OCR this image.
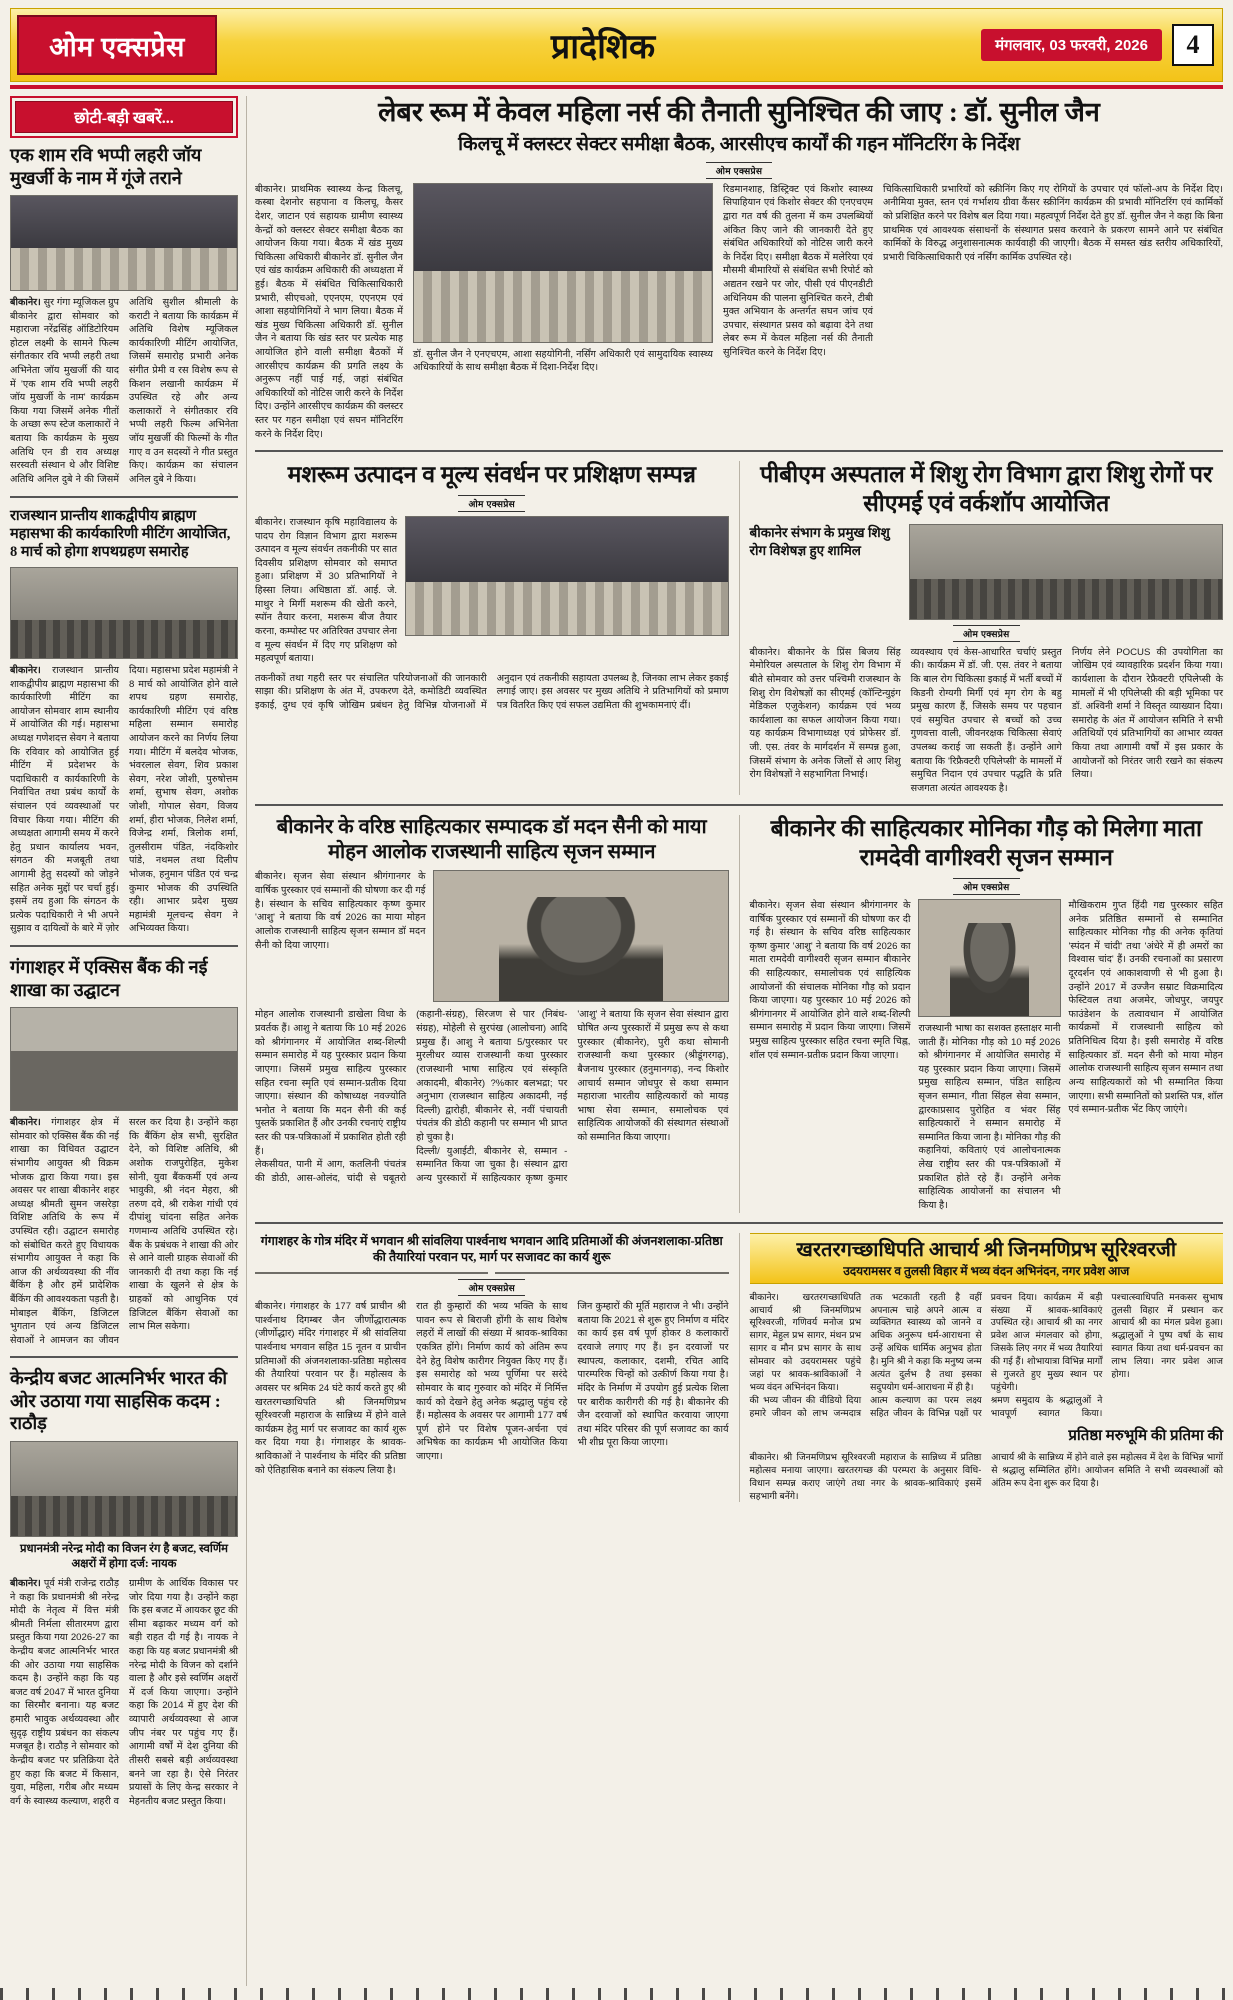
ओम एक्सप्रेस	प्रादेशिक	मंगलवार, 03 फरवरी, 2026	4
छोटी-बड़ी खबरें...
एक शाम रवि भप्पी लहरी जॉय मुखर्जी के नाम में गूंजे तराने
बीकानेर। सुर गंगा म्यूजिकल ग्रुप बीकानेर द्वारा सोमवार को महाराजा नरेंद्रसिंह ऑडिटोरियम होटल लक्ष्मी के सामने फिल्म संगीतकार रवि भप्पी लहरी तथा अभिनेता जॉय मुखर्जी की याद में 'एक शाम रवि भप्पी लहरी जॉय मुखर्जी के नाम' कार्यक्रम किया गया जिसमें अनेक गीतों के अच्छा रूप स्टेज कलाकारों ने बताया कि कार्यक्रम के मुख्य अतिथि एन डी राव अध्यक्ष सरस्वती संस्थान थे और विशिष्ट अतिथि अनिल दुबे ने की जिसमें अतिथि सुशील श्रीमाली के कराटी ने बताया कि कार्यक्रम में अतिथि विशेष म्यूजिकल कार्यकारिणी मीटिंग आयोजित, जिसमें समारोह प्रभारी अनेक संगीत प्रेमी व रस विशेष रूप से किशन लखानी कार्यक्रम में उपस्थित रहे और अन्य कलाकारों ने संगीतकार रवि भप्पी लहरी फिल्म अभिनेता जॉय मुखर्जी की फिल्मों के गीत गाए व उन सदस्यों ने गीत प्रस्तुत किए। कार्यक्रम का संचालन अनिल दुबे ने किया।
राजस्थान प्रान्तीय शाकद्वीपीय ब्राह्मण महासभा की कार्यकारिणी मीटिंग आयोजित, 8 मार्च को होगा शपथग्रहण समारोह
बीकानेर। राजस्थान प्रान्तीय शाकद्वीपीय ब्राह्मण महासभा की कार्यकारिणी मीटिंग का आयोजन सोमवार शाम स्थानीय में आयोजित की गई। महासभा अध्यक्ष गणेशदत्त सेवग ने बताया कि रविवार को आयोजित हुई मीटिंग में प्रदेशभर के पदाधिकारी व कार्यकारिणी के निर्वाचित तथा प्रबंध कार्यों के संचालन एवं व्यवस्थाओं पर विचार किया गया। मीटिंग की अध्यक्षता आगामी समय में करने हेतु प्रधान कार्यालय भवन, संगठन की मजबूती तथा आगामी हेतु सदस्यों को जोड़ने सहित अनेक मुद्दों पर चर्चा हुई। इसमें तय हुआ कि संगठन के प्रत्येक पदाधिकारी ने भी अपने सुझाव व दायित्वों के बारे में ज़ोर दिया। महासभा प्रदेश महामंत्री ने 8 मार्च को आयोजित होने वाले शपथ ग्रहण समारोह, कार्यकारिणी मीटिंग एवं वरिष्ठ महिला सम्मान समारोह आयोजन करने का निर्णय लिया गया। मीटिंग में बलदेव भोजक, भंवरलाल सेवग, शिव प्रकाश सेवग, नरेश जोशी, पुरुषोत्तम शर्मा, सुभाष सेवग, अशोक जोशी, गोपाल सेवग, विजय शर्मा, हीरा भोजक, निलेश शर्मा, विजेन्द्र शर्मा, त्रिलोक शर्मा, तुलसीराम पंडित, नंदकिशोर पांडे, नथमल तथा दिलीप भोजक, हनुमान पंडित एवं चन्द्र कुमार भोजक की उपस्थिति रही। आभार प्रदेश मुख्य महामंत्री मूलचन्द सेवग ने अभिव्यक्त किया।
गंगाशहर में एक्सिस बैंक की नई शाखा का उद्घाटन
बीकानेर। गंगाशहर क्षेत्र में सोमवार को एक्सिस बैंक की नई शाखा का विधिवत उद्घाटन संभागीय आयुक्त श्री विक्रम भोजक द्वारा किया गया। इस अवसर पर शाखा बीकानेर शहर अध्यक्ष श्रीमती सुमन जसरेड़ा विशिष्ट अतिथि के रूप में उपस्थित रही। उद्घाटन समारोह को संबोधित करते हुए विधायक संभागीय आयुक्त ने कहा कि आज की अर्थव्यवस्था की नींव बैंकिंग है और हमें प्रादेशिक बैंकिंग की आवश्यकता पड़ती है। मोबाइल बैंकिंग, डिजिटल भुगतान एवं अन्य डिजिटल सेवाओं ने आमजन का जीवन सरल कर दिया है। उन्होंने कहा कि बैंकिंग क्षेत्र सभी, सुरक्षित देने, को विशिष्ट अतिथि, श्री अशोक राजपुरोहित, मुकेश सोनी, युवा बैंककर्मी एवं अन्य भावुकी, श्री नंदन मेहरा, श्री तरुण दवे, श्री राकेश गांधी एवं दीपांशु चांदना सहित अनेक गणमान्य अतिथि उपस्थित रहे। बैंक के प्रबंधक ने शाखा की ओर से आने वाली ग्राहक सेवाओं की जानकारी दी तथा कहा कि नई शाखा के खुलने से क्षेत्र के ग्राहकों को आधुनिक एवं डिजिटल बैंकिंग सेवाओं का लाभ मिल सकेगा।
केन्द्रीय बजट आत्मनिर्भर भारत की ओर उठाया गया साहसिक कदम : राठौड़
प्रधानमंत्री नरेन्द्र मोदी का विजन रंग है बजट, स्वर्णिम अक्षरों में होगा दर्ज: नायक
बीकानेर। पूर्व मंत्री राजेन्द्र राठौड़ ने कहा कि प्रधानमंत्री श्री नरेन्द्र मोदी के नेतृत्व में वित्त मंत्री श्रीमती निर्मला सीतारमण द्वारा प्रस्तुत किया गया 2026-27 का केन्द्रीय बजट आत्मनिर्भर भारत की ओर उठाया गया साहसिक कदम है। उन्होंने कहा कि यह बजट वर्ष 2047 में भारत दुनिया का सिरमौर बनाना। यह बजट हमारी भावुक अर्थव्यवस्था और सुदृढ़ राष्ट्रीय प्रबंधन का संकल्प मजबूत है। राठौड़ ने सोमवार को केन्द्रीय बजट पर प्रतिक्रिया देते हुए कहा कि बजट में किसान, युवा, महिला, गरीब और मध्यम वर्ग के स्वास्थ्य कल्याण, शहरी व ग्रामीण के आर्थिक विकास पर जोर दिया गया है। उन्होंने कहा कि इस बजट में आयकर छूट की सीमा बढ़ाकर मध्यम वर्ग को बड़ी राहत दी गई है। नायक ने कहा कि यह बजट प्रधानमंत्री श्री नरेन्द्र मोदी के विजन को दर्शाने वाला है और इसे स्वर्णिम अक्षरों में दर्ज किया जाएगा। उन्होंने कहा कि 2014 में हुए देश की व्यापारी अर्थव्यवस्था से आज जीप नंबर पर पहुंच गए हैं। आगामी वर्षों में देश दुनिया की तीसरी सबसे बड़ी अर्थव्यवस्था बनने जा रहा है। ऐसे निरंतर प्रयासों के लिए केन्द्र सरकार ने मेहनतीय बजट प्रस्तुत किया।
लेबर रूम में केवल महिला नर्स की तैनाती सुनिश्चित की जाए : डॉ. सुनील जैन
किलचू में क्लस्टर सेक्टर समीक्षा बैठक, आरसीएच कार्यों की गहन मॉनिटरिंग के निर्देश
ओम एक्सप्रेस
बीकानेर। प्राथमिक स्वास्थ्य केन्द्र किलचू, कस्बा देशनोर सहपाना व किलचू, कैसर देशर, जाटान एवं सहायक ग्रामीण स्वास्थ्य केन्द्रों को क्लस्टर सेक्टर समीक्षा बैठक का आयोजन किया गया। बैठक में खंड मुख्य चिकित्सा अधिकारी बीकानेर डॉ. सुनील जैन एवं खंड कार्यक्रम अधिकारी की अध्यक्षता में हुई। बैठक में संबंधित चिकित्साधिकारी प्रभारी, सीएचओ, एएनएम, एएनएम एवं आशा सहयोगिनियों ने भाग लिया। बैठक में खंड मुख्य चिकित्सा अधिकारी डॉ. सुनील जैन ने बताया कि खंड स्तर पर प्रत्येक माह आयोजित होने वाली समीक्षा बैठकों में आरसीएच कार्यक्रम की प्रगति लक्ष्य के अनुरूप नहीं पाई गई, जहां संबंधित अधिकारियों को नोटिस जारी करने के निर्देश दिए। उन्होंने आरसीएच कार्यक्रम की क्लस्टर स्तर पर गहन समीक्षा एवं सघन मॉनिटरिंग करने के निर्देश दिए।
डॉ. सुनील जैन ने एनएचएम, आशा सहयोगिनी, नर्सिंग अधिकारी एवं सामुदायिक स्वास्थ्य अधिकारियों के साथ समीक्षा बैठक में दिशा-निर्देश दिए।
रिडमानशाह, डिस्ट्रिक्ट एवं किशोर स्वास्थ्य सिपाहियान एवं किशोर सेक्टर की एनएचएम द्वारा गत वर्ष की तुलना में कम उपलब्धियों अंकित किए जाने की जानकारी देते हुए संबंधित अधिकारियों को नोटिस जारी करने के निर्देश दिए। समीक्षा बैठक में मलेरिया एवं मौसमी बीमारियों से संबंधित सभी रिपोर्ट को अद्यतन रखने पर जोर, पीसी एवं पीएनडीटी अधिनियम की पालना सुनिश्चित करने, टीबी मुक्त अभियान के अन्तर्गत सघन जांच एवं उपचार, संस्थागत प्रसव को बढ़ावा देने तथा लेबर रूम में केवल महिला नर्स की तैनाती सुनिश्चित करने के निर्देश दिए।
चिकित्साधिकारी प्रभारियों को स्क्रीनिंग किए गए रोगियों के उपचार एवं फॉलो-अप के निर्देश दिए। अनीमिया मुक्त, स्तन एवं गर्भाशय ग्रीवा कैंसर स्क्रीनिंग कार्यक्रम की प्रभावी मॉनिटरिंग एवं कार्मिकों को प्रशिक्षित करने पर विशेष बल दिया गया। महत्वपूर्ण निर्देश देते हुए डॉ. सुनील जैन ने कहा कि बिना प्राथमिक एवं आवश्यक संसाधनों के संस्थागत प्रसव करवाने के प्रकरण सामने आने पर संबंधित कार्मिकों के विरुद्ध अनुशासनात्मक कार्यवाही की जाएगी। बैठक में समस्त खंड स्तरीय अधिकारियों, प्रभारी चिकित्साधिकारी एवं नर्सिंग कार्मिक उपस्थित रहे।
मशरूम उत्पादन व मूल्य संवर्धन पर प्रशिक्षण सम्पन्न
ओम एक्सप्रेस
बीकानेर। राजस्थान कृषि महाविद्यालय के पादप रोग विज्ञान विभाग द्वारा मशरूम उत्पादन व मूल्य संवर्धन तकनीकी पर सात दिवसीय प्रशिक्षण सोमवार को समाप्त हुआ। प्रशिक्षण में 30 प्रतिभागियों ने हिस्सा लिया। अधिष्ठाता डॉ. आई. जे. माथुर ने मिर्गी मशरूम की खेती करने, स्पॉन तैयार करना, मशरूम बीज तैयार करना, कम्पोस्ट पर अतिरिक्त उपचार लेना व मूल्य संवर्धन में दिए गए प्रशिक्षण को महत्वपूर्ण बताया।
तकनीकों तथा गहरी स्तर पर संचालित परियोजनाओं की जानकारी साझा की। प्रशिक्षण के अंत में, उपकरण देते, कमोडिटी व्यवस्थित इकाई, दुग्ध एवं कृषि जोखिम प्रबंधन हेतु विभिन्न योजनाओं में अनुदान एवं तकनीकी सहायता उपलब्ध है, जिनका लाभ लेकर इकाई लगाई जाए। इस अवसर पर मुख्य अतिथि ने प्रतिभागियों को प्रमाण पत्र वितरित किए एवं सफल उद्यमिता की शुभकामनाएं दीं।
पीबीएम अस्पताल में शिशु रोग विभाग द्वारा शिशु रोगों पर सीएमई एवं वर्कशॉप आयोजित
बीकानेर संभाग के प्रमुख शिशु रोग विशेषज्ञ हुए शामिल
ओम एक्सप्रेस
बीकानेर। बीकानेर के प्रिंस बिजय सिंह मेमोरियल अस्पताल के शिशु रोग विभाग में बीते सोमवार को उत्तर पश्चिमी राजस्थान के शिशु रोग विशेषज्ञों का सीएमई (कॉन्टिन्युइंग मेडिकल एजुकेशन) कार्यक्रम एवं भव्य कार्यशाला का सफल आयोजन किया गया। यह कार्यक्रम विभागाध्यक्ष एवं प्रोफेसर डॉ. जी. एस. तंवर के मार्गदर्शन में सम्पन्न हुआ, जिसमें संभाग के अनेक जिलों से आए शिशु रोग विशेषज्ञों ने सहभागिता निभाई।
व्यवस्थाय एवं केस-आधारित चर्चाएं प्रस्तुत की। कार्यक्रम में डॉ. जी. एस. तंवर ने बताया कि बाल रोग चिकित्सा इकाई में भर्ती बच्चों में किडनी रोग्यगी मिर्गी एवं मृग रोग के बहु प्रमुख कारण हैं, जिसके समय पर पहचान एवं समुचित उपचार से बच्चों को उच्च गुणवत्ता वाली, जीवनरक्षक चिकित्सा सेवाएं उपलब्ध कराई जा सकती हैं। उन्होंने आगे बताया कि 'रिफ्रैक्टरी एपिलेप्सी' के मामलों में समुचित निदान एवं उपचार पद्धति के प्रति सजगता अत्यंत आवश्यक है।
निर्णय लेने POCUS की उपयोगिता का जोखिम एवं व्यावहारिक प्रदर्शन किया गया। कार्यशाला के दौरान रेफ्रैक्टरी एपिलेप्सी के मामलों में भी एपिलेप्सी की बड़ी भूमिका पर डॉ. अश्विनी शर्मा ने विस्तृत व्याख्यान दिया। समारोह के अंत में आयोजन समिति ने सभी अतिथियों एवं प्रतिभागियों का आभार व्यक्त किया तथा आगामी वर्षों में इस प्रकार के आयोजनों को निरंतर जारी रखने का संकल्प लिया।
बीकानेर के वरिष्ठ साहित्यकार सम्पादक डॉ मदन सैनी को माया मोहन आलोक राजस्थानी साहित्य सृजन सम्मान
बीकानेर। सृजन सेवा संस्थान श्रीगंगानगर के वार्षिक पुरस्कार एवं सम्मानों की घोषणा कर दी गई है। संस्थान के सचिव साहित्यकार कृष्ण कुमार 'आशु' ने बताया कि वर्ष 2026 का माया मोहन आलोक राजस्थानी साहित्य सृजन सम्मान डॉ मदन सैनी को दिया जाएगा।
मोहन आलोक राजस्थानी डाखेला विधा के प्रवर्तक हैं। आशु ने बताया कि 10 मई 2026 को श्रीगंगानगर में आयोजित शब्द-शिल्पी सम्मान समारोह में यह पुरस्कार प्रदान किया जाएगा। जिसमें प्रमुख साहित्य पुरस्कार सहित रचना स्मृति एवं सम्मान-प्रतीक दिया जाएगा। संस्थान की कोषाध्यक्ष नवज्योति भनोत ने बताया कि मदन सैनी की कई पुस्तकें प्रकाशित हैं और उनकी रचनाएं राष्ट्रीय स्तर की पत्र-पत्रिकाओं में प्रकाशित होती रही हैं।
लेकसीयत, पानी में आग, कतलिनी पंचतंत्र की डोठी, आस-ओलंद, चांदी से चबूतरो (कहानी-संग्रह), सिरजण से पार (निबंध-संग्रह), मोहेली से सुरपंख (आलोचना) आदि प्रमुख हैं। आशु ने बताया 5/पुरस्कार पर मुरलीधर व्यास राजस्थानी कथा पुरस्कार (राजस्थानी भाषा साहित्य एवं संस्कृति अकादमी, बीकानेर) ?%कार बलभद्रा; पर अनुभाग (राजस्थान साहित्य अकादमी, नई दिल्ली) द्वारोही, बीकानेर से, नवीं पंचायती पंचतंत्र की डोठी कहानी पर सम्मान भी प्राप्त हो चुका है।
दिल्ली/ युआईटी, बीकानेर से, सम्मान - सम्मानित किया जा चुका है। संस्थान द्वारा अन्य पुरस्कारों में साहित्यकार कृष्ण कुमार 'आशु' ने बताया कि सृजन सेवा संस्थान द्वारा घोषित अन्य पुरस्कारों में प्रमुख रूप से कथा पुरस्कार (बीकानेर), पुरी कथा सोमानी राजस्थानी कथा पुरस्कार (श्रीडूंगरगढ़), बैजनाथ पुरस्कार (हनुमानगढ़), नन्द किशोर आचार्य सम्मान जोधपुर से कथा सम्मान महाराजा भारतीय साहित्यकारों को मायड़ भाषा सेवा सम्मान, समालोचक एवं साहित्यिक आयोजकों की संस्थागत संस्थाओं को सम्मानित किया जाएगा।
बीकानेर की साहित्यकार मोनिका गौड़ को मिलेगा माता रामदेवी वागीश्वरी सृजन सम्मान
ओम एक्सप्रेस
बीकानेर। सृजन सेवा संस्थान श्रीगंगानगर के वार्षिक पुरस्कार एवं सम्मानों की घोषणा कर दी गई है। संस्थान के सचिव वरिष्ठ साहित्यकार कृष्ण कुमार 'आशु' ने बताया कि वर्ष 2026 का माता रामदेवी वागीश्वरी सृजन सम्मान बीकानेर की साहित्यकार, समालोचक एवं साहित्यिक आयोजनों की संचालक मोनिका गौड़ को प्रदान किया जाएगा। यह पुरस्कार 10 मई 2026 को श्रीगंगानगर में आयोजित होने वाले शब्द-शिल्पी सम्मान समारोह में प्रदान किया जाएगा। जिसमें प्रमुख साहित्य पुरस्कार सहित रचना स्मृति चिह्न, शॉल एवं सम्मान-प्रतीक प्रदान किया जाएगा।
राजस्थानी भाषा का सशक्त हस्ताक्षर मानी जाती हैं। मोनिका गौड़ को 10 मई 2026 को श्रीगंगानगर में आयोजित समारोह में यह पुरस्कार प्रदान किया जाएगा। जिसमें प्रमुख साहित्य सम्मान, पंडित साहित्य सृजन सम्मान, गीता सिंहल सेवा सम्मान, द्वारकाप्रसाद पुरोहित व भंवर सिंह साहित्यकारों ने सम्मान समारोह में सम्मानित किया जाना है। मोनिका गौड़ की कहानियां, कविताएं एवं आलोचनात्मक लेख राष्ट्रीय स्तर की पत्र-पत्रिकाओं में प्रकाशित होते रहे हैं। उन्होंने अनेक साहित्यिक आयोजनों का संचालन भी किया है।
मौखिकराम गुप्त हिंदी गद्य पुरस्कार सहित अनेक प्रतिष्ठित सम्मानों से सम्मानित साहित्यकार मोनिका गौड़ की अनेक कृतियां 'स्पंदन में चांदी' तथा 'अंधेरे में ही अमरों का विश्वास चांद' हैं। उनकी रचनाओं का प्रसारण दूरदर्शन एवं आकाशवाणी से भी हुआ है। उन्होंने 2017 में उज्जैन सम्राट विक्रमादित्य फेस्टिवल तथा अजमेर, जोधपुर, जयपुर फाउंडेशन के तत्वावधान में आयोजित कार्यक्रमों में राजस्थानी साहित्य को प्रतिनिधित्व दिया है। इसी समारोह में वरिष्ठ साहित्यकार डॉ. मदन सैनी को माया मोहन आलोक राजस्थानी साहित्य सृजन सम्मान तथा अन्य साहित्यकारों को भी सम्मानित किया जाएगा। सभी सम्मानितों को प्रशस्ति पत्र, शॉल एवं सम्मान-प्रतीक भेंट किए जाएंगे।
गंगाशहर के गोत्र मंदिर में भगवान श्री सांवलिया पार्श्वनाथ भगवान आदि प्रतिमाओं की अंजनशलाका-प्रतिष्ठा की तैयारियां परवान पर, मार्ग पर सजावट का कार्य शुरू
ओम एक्सप्रेस
बीकानेर। गंगाशहर के 177 वर्ष प्राचीन श्री पार्श्वनाथ दिगम्बर जैन जीर्णोद्धारात्मक (जीर्णोद्धार) मंदिर गंगाशहर में श्री सांवलिया पार्श्वनाथ भगवान सहित 15 नूतन व प्राचीन प्रतिमाओं की अंजनशलाका-प्रतिष्ठा महोत्सव की तैयारियां परवान पर हैं। महोत्सव के अवसर पर श्रमिक 24 घंटे कार्य करते हुए श्री खरतरगच्छाधिपति श्री जिनमणिप्रभ सूरिश्वरजी महाराज के सान्निध्य में होने वाले कार्यक्रम हेतु मार्ग पर सजावट का कार्य शुरू कर दिया गया है। गंगाशहर के श्रावक-श्राविकाओं ने पार्श्वनाथ के मंदिर की प्रतिष्ठा को ऐतिहासिक बनाने का संकल्प लिया है।
रात ही कुम्हारों की भव्य भक्ति के साथ पावन रूप से बिराजी होंगी के साथ विशेष लहरों में लाखों की संख्या में श्रावक-श्राविका एकत्रित होंगे। निर्माण कार्य को अंतिम रूप देने हेतु विशेष कारीगर नियुक्त किए गए हैं। इस समारोह को भव्य पूर्णिमा पर सरंदे सोमवार के बाद गुरुवार को मंदिर में निर्मित्त कार्य को देखने हेतु अनेक श्रद्धालु पहुंच रहे हैं। महोत्सव के अवसर पर आगामी 177 वर्ष पूर्ण होने पर विशेष पूजन-अर्चना एवं अभिषेक का कार्यक्रम भी आयोजित किया जाएगा।
जिन कुम्हारों की मूर्ति महाराज ने भी। उन्होंने बताया कि 2021 से शुरू हुए निर्माण व मंदिर का कार्य इस वर्ष पूर्ण होकर 8 कलाकारों दरवाजे लगाए गए हैं। इन दरवाजों पर स्थापत्य, कलाकार, दशमी, रचित आदि पारम्परिक चिन्हों को उत्कीर्ण किया गया है। मंदिर के निर्माण में उपयोग हुई प्रत्येक शिला पर बारीक कारीगरी की गई है। बीकानेर की जैन दरवाजों को स्थापित करवाया जाएगा तथा मंदिर परिसर की पूर्ण सजावट का कार्य भी शीघ्र पूरा किया जाएगा।
खरतरगच्छाधिपति आचार्य श्री जिनमणिप्रभ सूरिश्वरजी
उदयरामसर व तुलसी विहार में भव्य वंदन अभिनंदन, नगर प्रवेश आज
बीकानेर। खरतरगच्छाधिपति आचार्य श्री जिनमणिप्रभ सूरिश्वरजी, गणिवर्य मनोज प्रभ सागर, मेहुल प्रभ सागर, मंथन प्रभ सागर व मौन प्रभ सागर के साथ सोमवार को उदयरामसर पहुंचे जहां पर श्रावक-श्राविकाओं ने भव्य वंदन अभिनंदन किया।
की भव्य जीवन की वीडियो दिया हमारे जीवन को लाभ जन्मदात्र तक भटकाती रहती है वहीं अपनात्म चाहे अपने आत्म व व्यक्तिगत स्वास्थ्य को जानने व अधिक अनुरूप धर्म-आराधना से उन्हें अधिक धार्मिक अनुभव होता है। मुनि श्री ने कहा कि मनुष्य जन्म अत्यंत दुर्लभ है तथा इसका सदुपयोग धर्म-आराधना में ही है।
आत्म कल्याण का परम लक्ष्य सहित जीवन के विभिन्न पक्षों पर प्रवचन दिया। कार्यक्रम में बड़ी संख्या में श्रावक-श्राविकाएं उपस्थित रहे। आचार्य श्री का नगर प्रवेश आज मंगलवार को होगा, जिसके लिए नगर में भव्य तैयारियां की गई हैं। शोभायात्रा विभिन्न मार्गों से गुजरते हुए मुख्य स्थान पर पहुंचेगी।
श्रमण समुदाय के श्रद्धालुओं ने भावपूर्ण स्वागत किया। पश्चात्स्वाधिपति मनकसर सुभाष तुलसी विहार में प्रस्थान कर आचार्य श्री का मंगल प्रवेश हुआ। श्रद्धालुओं ने पुष्प वर्षा के साथ स्वागत किया तथा धर्म-प्रवचन का लाभ लिया। नगर प्रवेश आज होगा।
प्रतिष्ठा मरुभूमि की प्रतिमा की
बीकानेर। श्री जिनमणिप्रभ सूरिश्वरजी महाराज के सान्निध्य में प्रतिष्ठा महोत्सव मनाया जाएगा। खरतरगच्छ की परम्परा के अनुसार विधि-विधान सम्पन्न कराए जाएंगे तथा नगर के श्रावक-श्राविकाएं इसमें सहभागी बनेंगे।
आचार्य श्री के सान्निध्य में होने वाले इस महोत्सव में देश के विभिन्न भागों से श्रद्धालु सम्मिलित होंगे। आयोजन समिति ने सभी व्यवस्थाओं को अंतिम रूप देना शुरू कर दिया है।
